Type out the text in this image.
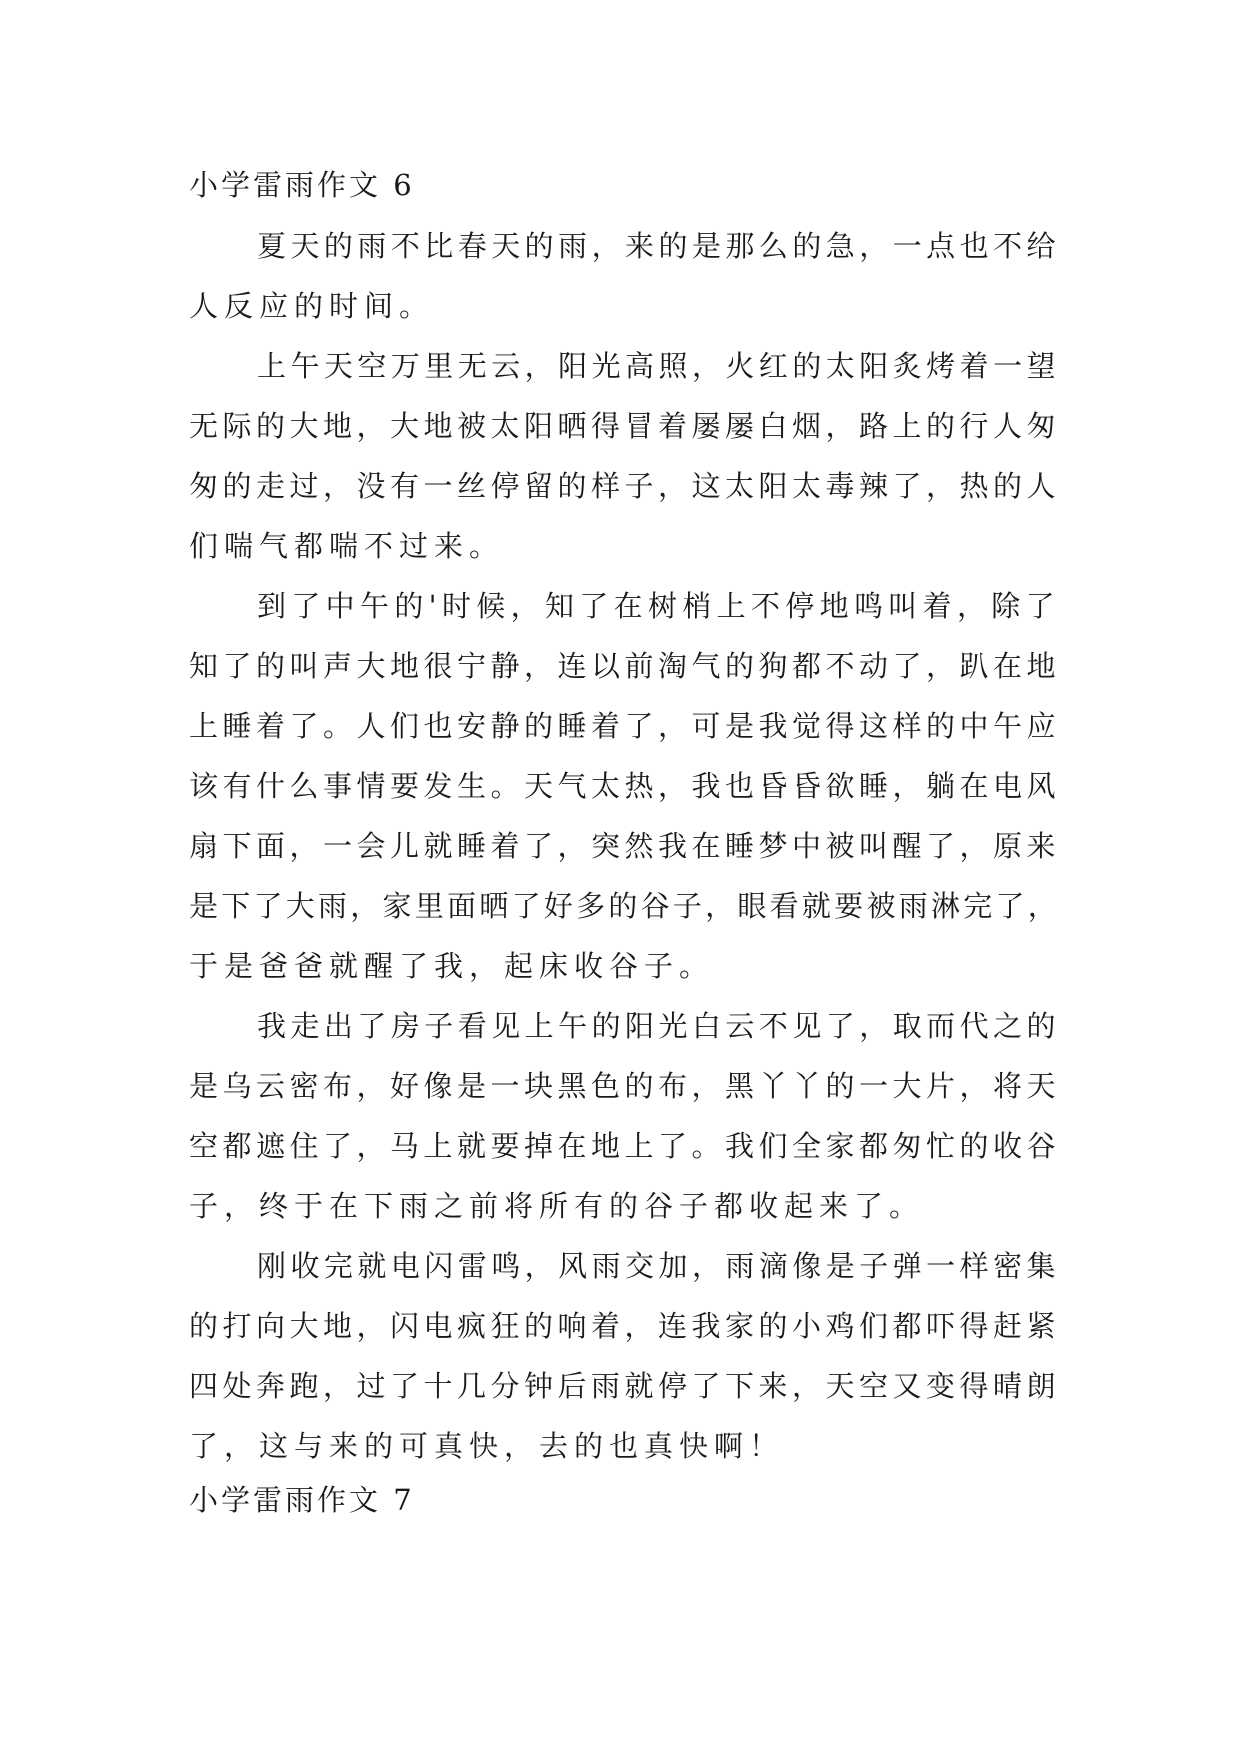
小学雷雨作文 6
夏天的雨不比春天的雨，来的是那么的急，一点也不给
人反应的时间。
上午天空万里无云，阳光高照，火红的太阳炙烤着一望
无际的大地，大地被太阳晒得冒着屡屡白烟，路上的行人匆
匆的走过，没有一丝停留的样子，这太阳太毒辣了，热的人
们喘气都喘不过来。
到了中午的'时候，知了在树梢上不停地鸣叫着，除了
知了的叫声大地很宁静，连以前淘气的狗都不动了，趴在地
上睡着了。人们也安静的睡着了，可是我觉得这样的中午应
该有什么事情要发生。天气太热，我也昏昏欲睡，躺在电风
扇下面，一会儿就睡着了，突然我在睡梦中被叫醒了，原来
是下了大雨，家里面晒了好多的谷子，眼看就要被雨淋完了，
于是爸爸就醒了我，起床收谷子。
我走出了房子看见上午的阳光白云不见了，取而代之的
是乌云密布，好像是一块黑色的布，黑丫丫的一大片，将天
空都遮住了，马上就要掉在地上了。我们全家都匆忙的收谷
子，终于在下雨之前将所有的谷子都收起来了。
刚收完就电闪雷鸣，风雨交加，雨滴像是子弹一样密集
的打向大地，闪电疯狂的响着，连我家的小鸡们都吓得赶紧
四处奔跑，过了十几分钟后雨就停了下来，天空又变得晴朗
了，这与来的可真快，去的也真快啊！
小学雷雨作文 7
